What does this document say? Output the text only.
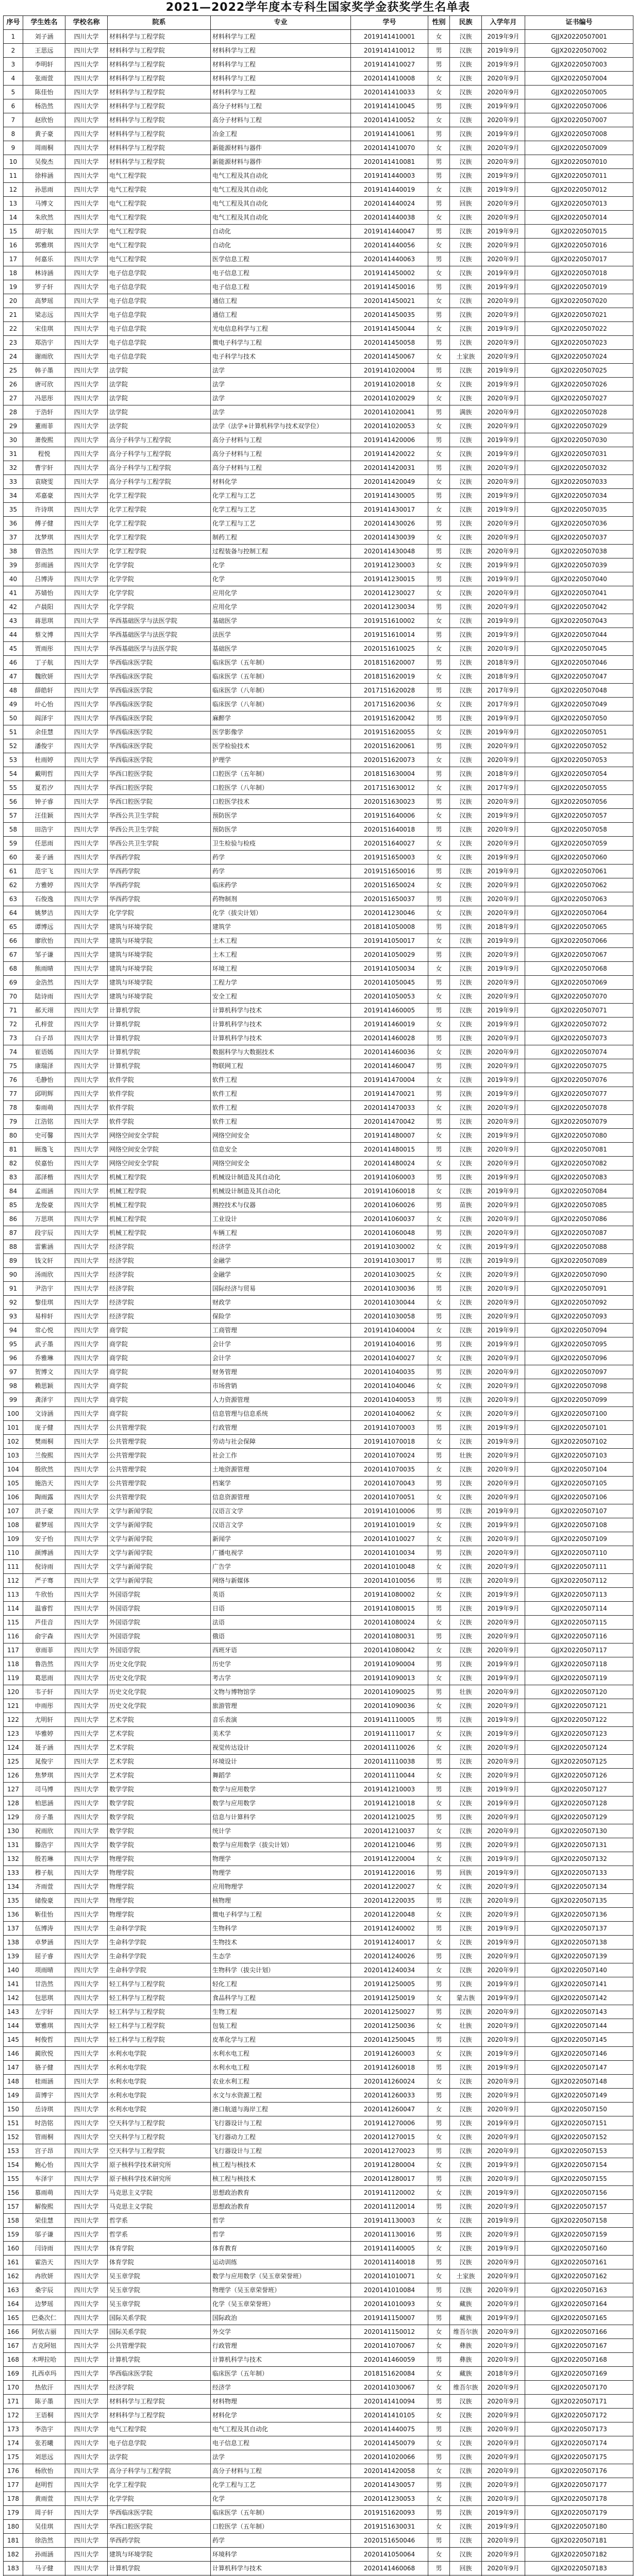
2021—2022学年度本专科生国家奖学金获奖学生名单表
序号	学生姓名	学校名称	院系	专业	学号	性别	民族	入学年月	证书编号
1	刘子涵	四川大学	材料科学与工程学院	材料科学与工程	2019141410001	女	汉族	2019年9月	GJJX20220507001
2	王思远	四川大学	材料科学与工程学院	材料科学与工程	2019141410012	男	汉族	2019年9月	GJJX20220507002
3	李明轩	四川大学	材料科学与工程学院	材料科学与工程	2019141410027	男	汉族	2019年9月	GJJX20220507003
4	张雨萱	四川大学	材料科学与工程学院	材料科学与工程	2020141410008	女	汉族	2020年9月	GJJX20220507004
5	陈佳怡	四川大学	材料科学与工程学院	材料科学与工程	2020141410033	女	汉族	2020年9月	GJJX20220507005
6	杨浩然	四川大学	材料科学与工程学院	高分子材料与工程	2019141410045	男	汉族	2019年9月	GJJX20220507006
7	赵欣怡	四川大学	材料科学与工程学院	高分子材料与工程	2020141410052	女	汉族	2020年9月	GJJX20220507007
8	黄子豪	四川大学	材料科学与工程学院	冶金工程	2019141410061	男	汉族	2019年9月	GJJX20220507008
9	周雨桐	四川大学	材料科学与工程学院	新能源材料与器件	2020141410070	女	汉族	2020年9月	GJJX20220507009
10	吴俊杰	四川大学	材料科学与工程学院	新能源材料与器件	2020141410081	男	汉族	2020年9月	GJJX20220507010
11	徐梓涵	四川大学	电气工程学院	电气工程及其自动化	2019141440003	男	汉族	2019年9月	GJJX20220507011
12	孙思雨	四川大学	电气工程学院	电气工程及其自动化	2019141440019	女	汉族	2019年9月	GJJX20220507012
13	马博文	四川大学	电气工程学院	电气工程及其自动化	2020141440024	男	回族	2020年9月	GJJX20220507013
14	朱欣然	四川大学	电气工程学院	电气工程及其自动化	2020141440038	女	汉族	2020年9月	GJJX20220507014
15	胡宇航	四川大学	电气工程学院	自动化	2019141440047	男	汉族	2019年9月	GJJX20220507015
16	郭雅琪	四川大学	电气工程学院	自动化	2020141440056	女	汉族	2020年9月	GJJX20220507016
17	何嘉乐	四川大学	电气工程学院	医学信息工程	2020141440063	男	汉族	2020年9月	GJJX20220507017
18	林诗涵	四川大学	电子信息学院	电子信息工程	2019141450002	女	汉族	2019年9月	GJJX20220507018
19	罗子轩	四川大学	电子信息学院	电子信息工程	2019141450016	男	汉族	2019年9月	GJJX20220507019
20	高梦瑶	四川大学	电子信息学院	通信工程	2020141450021	女	汉族	2020年9月	GJJX20220507020
21	梁志远	四川大学	电子信息学院	通信工程	2020141450035	男	汉族	2020年9月	GJJX20220507021
22	宋佳琪	四川大学	电子信息学院	光电信息科学与工程	2019141450044	女	汉族	2019年9月	GJJX20220507022
23	郑浩宇	四川大学	电子信息学院	微电子科学与工程	2020141450058	男	汉族	2020年9月	GJJX20220507023
24	谢雨欣	四川大学	电子信息学院	电子科学与技术	2020141450067	女	土家族	2020年9月	GJJX20220507024
25	韩子墨	四川大学	法学院	法学	2019141020004	男	汉族	2019年9月	GJJX20220507025
26	唐可欣	四川大学	法学院	法学	2019141020018	女	汉族	2019年9月	GJJX20220507026
27	冯思彤	四川大学	法学院	法学	2020141020029	女	汉族	2020年9月	GJJX20220507027
28	于浩轩	四川大学	法学院	法学	2020141020041	男	满族	2020年9月	GJJX20220507028
29	董雨菲	四川大学	法学院	法学（法学+计算机科学与技术双学位）	2020141020053	女	汉族	2020年9月	GJJX20220507029
30	萧俊熙	四川大学	高分子科学与工程学院	高分子材料与工程	2019141420006	男	汉族	2019年9月	GJJX20220507030
31	程悦	四川大学	高分子科学与工程学院	高分子材料与工程	2019141420022	女	汉族	2019年9月	GJJX20220507031
32	曹宇轩	四川大学	高分子科学与工程学院	高分子材料与工程	2020141420031	男	汉族	2020年9月	GJJX20220507032
33	袁晓雯	四川大学	高分子科学与工程学院	材料化学	2020141420049	女	汉族	2020年9月	GJJX20220507033
34	邓嘉豪	四川大学	化学工程学院	化学工程与工艺	2019141430005	男	汉族	2019年9月	GJJX20220507034
35	许诗琪	四川大学	化学工程学院	化学工程与工艺	2019141430017	女	汉族	2019年9月	GJJX20220507035
36	傅子健	四川大学	化学工程学院	化学工程与工艺	2020141430026	男	汉族	2020年9月	GJJX20220507036
37	沈梦琪	四川大学	化学工程学院	制药工程	2020141430039	女	汉族	2020年9月	GJJX20220507037
38	曾浩然	四川大学	化学工程学院	过程装备与控制工程	2020141430048	男	汉族	2020年9月	GJJX20220507038
39	彭雨涵	四川大学	化学学院	化学	2019141230003	女	汉族	2019年9月	GJJX20220507039
40	吕博涛	四川大学	化学学院	化学	2019141230015	男	汉族	2019年9月	GJJX20220507040
41	苏婧怡	四川大学	化学学院	应用化学	2020141230027	女	汉族	2020年9月	GJJX20220507041
42	卢晨阳	四川大学	化学学院	应用化学	2020141230034	男	汉族	2020年9月	GJJX20220507042
43	蒋思琪	四川大学	华西基础医学与法医学院	基础医学	2019151610002	女	汉族	2019年9月	GJJX20220507043
44	蔡文博	四川大学	华西基础医学与法医学院	法医学	2019151610014	男	汉族	2019年9月	GJJX20220507044
45	贾雨彤	四川大学	华西基础医学与法医学院	基础医学	2020151610025	女	汉族	2020年9月	GJJX20220507045
46	丁子航	四川大学	华西临床医学院	临床医学（五年制）	2018151620007	男	汉族	2018年9月	GJJX20220507046
47	魏欣妍	四川大学	华西临床医学院	临床医学（五年制）	2018151620019	女	汉族	2018年9月	GJJX20220507047
48	薛皓轩	四川大学	华西临床医学院	临床医学（八年制）	2017151620028	男	汉族	2017年9月	GJJX20220507048
49	叶心怡	四川大学	华西临床医学院	临床医学（八年制）	2017151620036	女	汉族	2017年9月	GJJX20220507049
50	阎泽宇	四川大学	华西临床医学院	麻醉学	2019151620042	男	汉族	2019年9月	GJJX20220507050
51	余佳慧	四川大学	华西临床医学院	医学影像学	2019151620055	女	汉族	2019年9月	GJJX20220507051
52	潘俊宇	四川大学	华西临床医学院	医学检验技术	2020151620061	男	汉族	2020年9月	GJJX20220507052
53	杜雨婷	四川大学	华西临床医学院	护理学	2020151620073	女	汉族	2020年9月	GJJX20220507053
54	戴明哲	四川大学	华西口腔医学院	口腔医学（五年制）	2018151630004	男	汉族	2018年9月	GJJX20220507054
55	夏若汐	四川大学	华西口腔医学院	口腔医学（八年制）	2017151630012	女	汉族	2017年9月	GJJX20220507055
56	钟子睿	四川大学	华西口腔医学院	口腔医学技术	2020151630023	男	汉族	2020年9月	GJJX20220507056
57	汪佳颖	四川大学	华西公共卫生学院	预防医学	2019151640006	女	汉族	2019年9月	GJJX20220507057
58	田浩宇	四川大学	华西公共卫生学院	预防医学	2020151640018	男	汉族	2020年9月	GJJX20220507058
59	任思雨	四川大学	华西公共卫生学院	卫生检验与检疫	2020151640027	女	汉族	2020年9月	GJJX20220507059
60	姜子涵	四川大学	华西药学院	药学	2019151650003	女	汉族	2019年9月	GJJX20220507060
61	范宇飞	四川大学	华西药学院	药学	2019151650016	男	汉族	2019年9月	GJJX20220507061
62	方雅婷	四川大学	华西药学院	临床药学	2020151650024	女	汉族	2020年9月	GJJX20220507062
63	石俊逸	四川大学	华西药学院	药物制剂	2020151650037	男	汉族	2020年9月	GJJX20220507063
64	姚梦洁	四川大学	化学学院	化学（拔尖计划）	2020141230046	女	汉族	2020年9月	GJJX20220507064
65	谭博远	四川大学	建筑与环境学院	建筑学	2018141050008	男	汉族	2018年9月	GJJX20220507065
66	廖欣怡	四川大学	建筑与环境学院	土木工程	2019141050017	女	汉族	2019年9月	GJJX20220507066
67	邹子谦	四川大学	建筑与环境学院	土木工程	2020141050029	男	汉族	2020年9月	GJJX20220507067
68	熊雨晴	四川大学	建筑与环境学院	环境工程	2019141050034	女	汉族	2019年9月	GJJX20220507068
69	金浩然	四川大学	建筑与环境学院	工程力学	2020141050045	男	汉族	2020年9月	GJJX20220507069
70	陆诗雨	四川大学	建筑与环境学院	安全工程	2020141050053	女	汉族	2020年9月	GJJX20220507070
71	郝天翊	四川大学	计算机学院	计算机科学与技术	2019141460005	男	汉族	2019年9月	GJJX20220507071
72	孔梓萱	四川大学	计算机学院	计算机科学与技术	2019141460019	女	汉族	2019年9月	GJJX20220507072
73	白子昂	四川大学	计算机学院	计算机科学与技术	2020141460028	男	汉族	2020年9月	GJJX20220507073
74	崔语嫣	四川大学	计算机学院	数据科学与大数据技术	2020141460036	女	汉族	2020年9月	GJJX20220507074
75	康瑞泽	四川大学	计算机学院	物联网工程	2020141460047	男	汉族	2020年9月	GJJX20220507075
76	毛静怡	四川大学	软件学院	软件工程	2019141470004	女	汉族	2019年9月	GJJX20220507076
77	邱明辉	四川大学	软件学院	软件工程	2019141470021	男	汉族	2019年9月	GJJX20220507077
78	秦雨萌	四川大学	软件学院	软件工程	2020141470033	女	汉族	2020年9月	GJJX20220507078
79	江浩铭	四川大学	软件学院	软件工程	2020141470042	男	汉族	2020年9月	GJJX20220507079
80	史可馨	四川大学	网络空间安全学院	网络空间安全	2019141480007	女	汉族	2019年9月	GJJX20220507080
81	顾逸飞	四川大学	网络空间安全学院	信息安全	2020141480015	男	汉族	2020年9月	GJJX20220507081
82	侯嘉怡	四川大学	网络空间安全学院	网络空间安全	2020141480024	女	汉族	2020年9月	GJJX20220507082
83	邵泽楷	四川大学	机械工程学院	机械设计制造及其自动化	2019141060003	男	汉族	2019年9月	GJJX20220507083
84	孟雨涵	四川大学	机械工程学院	机械设计制造及其自动化	2019141060018	女	汉族	2019年9月	GJJX20220507084
85	龙俊豪	四川大学	机械工程学院	测控技术与仪器	2020141060026	男	苗族	2020年9月	GJJX20220507085
86	万思琪	四川大学	机械工程学院	工业设计	2020141060037	女	汉族	2020年9月	GJJX20220507086
87	段宇辰	四川大学	机械工程学院	车辆工程	2020141060048	男	汉族	2020年9月	GJJX20220507087
88	雷紫涵	四川大学	经济学院	经济学	2019141030002	女	汉族	2019年9月	GJJX20220507088
89	钱文轩	四川大学	经济学院	金融学	2019141030017	男	汉族	2019年9月	GJJX20220507089
90	汤雨欣	四川大学	经济学院	金融学	2020141030025	女	汉族	2020年9月	GJJX20220507090
91	尹浩宇	四川大学	经济学院	国际经济与贸易	2020141030036	男	汉族	2020年9月	GJJX20220507091
92	黎佳琪	四川大学	经济学院	财政学	2020141030044	女	汉族	2020年9月	GJJX20220507092
93	易梓轩	四川大学	经济学院	保险学	2020141030058	男	汉族	2020年9月	GJJX20220507093
94	常心悦	四川大学	商学院	工商管理	2019141040004	女	汉族	2019年9月	GJJX20220507094
95	武子墨	四川大学	商学院	会计学	2019141040016	男	汉族	2019年9月	GJJX20220507095
96	乔雅琳	四川大学	商学院	会计学	2020141040027	女	汉族	2020年9月	GJJX20220507096
97	贺博文	四川大学	商学院	财务管理	2020141040035	男	汉族	2020年9月	GJJX20220507097
98	赖思颖	四川大学	商学院	市场营销	2020141040046	女	汉族	2020年9月	GJJX20220507098
99	龚泽宇	四川大学	商学院	人力资源管理	2020141040053	男	汉族	2020年9月	GJJX20220507099
100	文诗涵	四川大学	商学院	信息管理与信息系统	2020141040062	女	汉族	2020年9月	GJJX20220507100
101	庞子健	四川大学	公共管理学院	行政管理	2019141070003	男	汉族	2019年9月	GJJX20220507101
102	樊雨桐	四川大学	公共管理学院	劳动与社会保障	2019141070018	女	汉族	2019年9月	GJJX20220507102
103	兰俊熙	四川大学	公共管理学院	社会工作	2020141070024	男	壮族	2020年9月	GJJX20220507103
104	殷欣然	四川大学	公共管理学院	土地资源管理	2020141070035	女	汉族	2020年9月	GJJX20220507104
105	施浩天	四川大学	公共管理学院	档案学	2020141070043	男	汉族	2020年9月	GJJX20220507105
106	陶雨露	四川大学	公共管理学院	信息资源管理	2020141070051	女	汉族	2020年9月	GJJX20220507106
107	洪子豪	四川大学	文学与新闻学院	汉语言文学	2019141010006	男	汉族	2019年9月	GJJX20220507107
108	翟梦瑶	四川大学	文学与新闻学院	汉语言文学	2019141010019	女	汉族	2019年9月	GJJX20220507108
109	安子怡	四川大学	文学与新闻学院	新闻学	2020141010027	女	汉族	2020年9月	GJJX20220507109
110	颜博涵	四川大学	文学与新闻学院	广播电视学	2020141010034	男	汉族	2020年9月	GJJX20220507110
111	倪诗雨	四川大学	文学与新闻学院	广告学	2020141010048	女	汉族	2020年9月	GJJX20220507111
112	严子骞	四川大学	文学与新闻学院	网络与新媒体	2020141010056	男	汉族	2020年9月	GJJX20220507112
113	牛欣怡	四川大学	外国语学院	英语	2019141080002	女	汉族	2019年9月	GJJX20220507113
114	温睿哲	四川大学	外国语学院	日语	2019141080015	男	汉族	2019年9月	GJJX20220507114
115	芦佳音	四川大学	外国语学院	法语	2020141080024	女	汉族	2020年9月	GJJX20220507115
116	俞宇森	四川大学	外国语学院	俄语	2020141080031	男	汉族	2020年9月	GJJX20220507116
117	章雨菲	四川大学	外国语学院	西班牙语	2020141080042	女	汉族	2020年9月	GJJX20220507117
118	鲁浩然	四川大学	历史文化学院	历史学	2019141090004	男	汉族	2019年9月	GJJX20220507118
119	葛思雨	四川大学	历史文化学院	考古学	2019141090013	女	汉族	2019年9月	GJJX20220507119
120	韦子轩	四川大学	历史文化学院	文物与博物馆学	2020141090025	男	壮族	2020年9月	GJJX20220507120
121	申雨彤	四川大学	历史文化学院	旅游管理	2020141090036	女	汉族	2020年9月	GJJX20220507121
122	尤明轩	四川大学	艺术学院	音乐表演	2019141110005	男	汉族	2019年9月	GJJX20220507122
123	毕雅婷	四川大学	艺术学院	美术学	2019141110017	女	汉族	2019年9月	GJJX20220507123
124	聂子涵	四川大学	艺术学院	视觉传达设计	2020141110026	女	汉族	2020年9月	GJJX20220507124
125	晁俊宇	四川大学	艺术学院	环境设计	2020141110038	男	汉族	2020年9月	GJJX20220507125
126	焦梦琪	四川大学	艺术学院	舞蹈学	2020141110044	女	汉族	2020年9月	GJJX20220507126
127	司马博	四川大学	数学学院	数学与应用数学	2019141210003	男	汉族	2019年9月	GJJX20220507127
128	柏思涵	四川大学	数学学院	数学与应用数学	2019141210018	女	汉族	2019年9月	GJJX20220507128
129	房子墨	四川大学	数学学院	信息与计算科学	2020141210025	男	汉族	2020年9月	GJJX20220507129
130	祝雨欣	四川大学	数学学院	统计学	2020141210037	女	汉族	2020年9月	GJJX20220507130
131	滕浩宇	四川大学	数学学院	数学与应用数学（拔尖计划）	2020141210046	男	汉族	2020年9月	GJJX20220507131
132	殷若琳	四川大学	物理学院	物理学	2019141220004	女	汉族	2019年9月	GJJX20220507132
133	穆子航	四川大学	物理学院	物理学	2019141220016	男	回族	2019年9月	GJJX20220507133
134	齐雨萱	四川大学	物理学院	应用物理学	2020141220027	女	汉族	2020年9月	GJJX20220507134
135	储俊豪	四川大学	物理学院	核物理	2020141220035	男	汉族	2020年9月	GJJX20220507135
136	靳佳怡	四川大学	物理学院	微电子科学与工程	2020141220048	女	汉族	2020年9月	GJJX20220507136
137	伍博涛	四川大学	生命科学学院	生物科学	2019141240002	男	汉族	2019年9月	GJJX20220507137
138	卓梦涵	四川大学	生命科学学院	生物技术	2019141240017	女	汉族	2019年9月	GJJX20220507138
139	屈子睿	四川大学	生命科学学院	生态学	2020141240026	男	汉族	2020年9月	GJJX20220507139
140	项雨晴	四川大学	生命科学学院	生物科学（拔尖计划）	2020141240034	女	汉族	2020年9月	GJJX20220507140
141	甘浩然	四川大学	轻工科学与工程学院	轻化工程	2019141250005	男	汉族	2019年9月	GJJX20220507141
142	包思琪	四川大学	轻工科学与工程学院	食品科学与工程	2019141250019	女	蒙古族	2019年9月	GJJX20220507142
143	左宇轩	四川大学	轻工科学与工程学院	生物工程	2020141250027	男	汉族	2020年9月	GJJX20220507143
144	覃雅琪	四川大学	轻工科学与工程学院	包装工程	2020141250036	女	壮族	2020年9月	GJJX20220507144
145	柯俊哲	四川大学	轻工科学与工程学院	皮革化学与工程	2020141250045	男	汉族	2020年9月	GJJX20220507145
146	蔺欣悦	四川大学	水利水电学院	水利水电工程	2019141260003	女	汉族	2019年9月	GJJX20220507146
147	骆子健	四川大学	水利水电学院	水利水电工程	2019141260018	男	汉族	2019年9月	GJJX20220507147
148	桂雨涵	四川大学	水利水电学院	农业水利工程	2020141260024	女	汉族	2020年9月	GJJX20220507148
149	苗博宇	四川大学	水利水电学院	水文与水资源工程	2020141260033	男	汉族	2020年9月	GJJX20220507149
150	岳诗琪	四川大学	水利水电学院	港口航道与海岸工程	2020141260047	女	汉族	2020年9月	GJJX20220507150
151	时浩铭	四川大学	空天科学与工程学院	飞行器设计与工程	2019141270006	男	汉族	2019年9月	GJJX20220507151
152	管雨桐	四川大学	空天科学与工程学院	飞行器动力工程	2020141270015	女	汉族	2020年9月	GJJX20220507152
153	宫子昂	四川大学	空天科学与工程学院	飞行器设计与工程	2020141270023	男	汉族	2020年9月	GJJX20220507153
154	鲍心怡	四川大学	原子核科学技术研究所	核工程与核技术	2019141280004	女	汉族	2019年9月	GJJX20220507154
155	车泽宇	四川大学	原子核科学技术研究所	核工程与核技术	2020141280017	男	汉族	2020年9月	GJJX20220507155
156	慕雨萌	四川大学	马克思主义学院	思想政治教育	2019141120002	女	汉族	2019年9月	GJJX20220507156
157	解俊熙	四川大学	马克思主义学院	思想政治教育	2020141120014	男	汉族	2020年9月	GJJX20220507157
158	荣佳慧	四川大学	哲学系	哲学	2019141130003	女	汉族	2019年9月	GJJX20220507158
159	邬子谦	四川大学	哲学系	哲学	2020141130016	男	汉族	2020年9月	GJJX20220507159
160	闫诗雨	四川大学	体育学院	体育教育	2019141140005	女	汉族	2019年9月	GJJX20220507160
161	霍浩天	四川大学	体育学院	运动训练	2020141140018	男	汉族	2020年9月	GJJX20220507161
162	冉欣妍	四川大学	吴玉章学院	数学与应用数学（吴玉章荣誉班）	2020141010071	女	土家族	2020年9月	GJJX20220507162
163	桑宇辰	四川大学	吴玉章学院	物理学（吴玉章荣誉班）	2020141010084	男	汉族	2020年9月	GJJX20220507163
164	边梦瑶	四川大学	吴玉章学院	化学（吴玉章荣誉班）	2020141010093	女	藏族	2020年9月	GJJX20220507164
165	巴桑次仁	四川大学	国际关系学院	国际政治	2019141150007	男	藏族	2019年9月	GJJX20220507165
166	阿依古丽	四川大学	国际关系学院	外交学	2020141150012	女	维吾尔族	2020年9月	GJJX20220507166
167	吉克阿妞	四川大学	公共管理学院	行政管理	2020141070067	女	彝族	2020年9月	GJJX20220507167
168	木呷拉哈	四川大学	计算机学院	计算机科学与技术	2020141460059	男	彝族	2020年9月	GJJX20220507168
169	扎西卓玛	四川大学	华西临床医学院	临床医学（五年制）	2018151620084	女	藏族	2018年9月	GJJX20220507169
170	热依汗	四川大学	经济学院	经济学	2020141030067	女	维吾尔族	2020年9月	GJJX20220507170
171	陈子墨	四川大学	材料科学与工程学院	材料物理	2020141410094	男	汉族	2020年9月	GJJX20220507171
172	王语桐	四川大学	材料科学与工程学院	材料化学	2020141410105	女	汉族	2020年9月	GJJX20220507172
173	李浩宇	四川大学	电气工程学院	电气工程及其自动化	2020141440075	男	汉族	2020年9月	GJJX20220507173
174	张若曦	四川大学	电子信息学院	电子信息工程	2020141450079	女	汉族	2020年9月	GJJX20220507174
175	刘思远	四川大学	法学院	法学	2020141020066	男	汉族	2020年9月	GJJX20220507175
176	杨欣怡	四川大学	高分子科学与工程学院	高分子材料与工程	2020141420058	女	汉族	2020年9月	GJJX20220507176
177	赵明哲	四川大学	化学工程学院	化学工程与工艺	2020141430057	男	汉族	2020年9月	GJJX20220507177
178	黄雨萱	四川大学	化学学院	化学	2020141230053	女	汉族	2020年9月	GJJX20220507178
179	周子轩	四川大学	华西临床医学院	临床医学（五年制）	2019151620093	男	汉族	2019年9月	GJJX20220507179
180	吴佳琪	四川大学	华西口腔医学院	口腔医学（五年制）	2019151630031	女	汉族	2019年9月	GJJX20220507180
181	徐浩然	四川大学	华西药学院	药学	2020151650046	男	汉族	2020年9月	GJJX20220507181
182	孙雨涵	四川大学	建筑与环境学院	环境科学	2020141050064	女	汉族	2020年9月	GJJX20220507182
183	马子健	四川大学	计算机学院	计算机科学与技术	2020141460068	男	回族	2020年9月	GJJX20220507183
